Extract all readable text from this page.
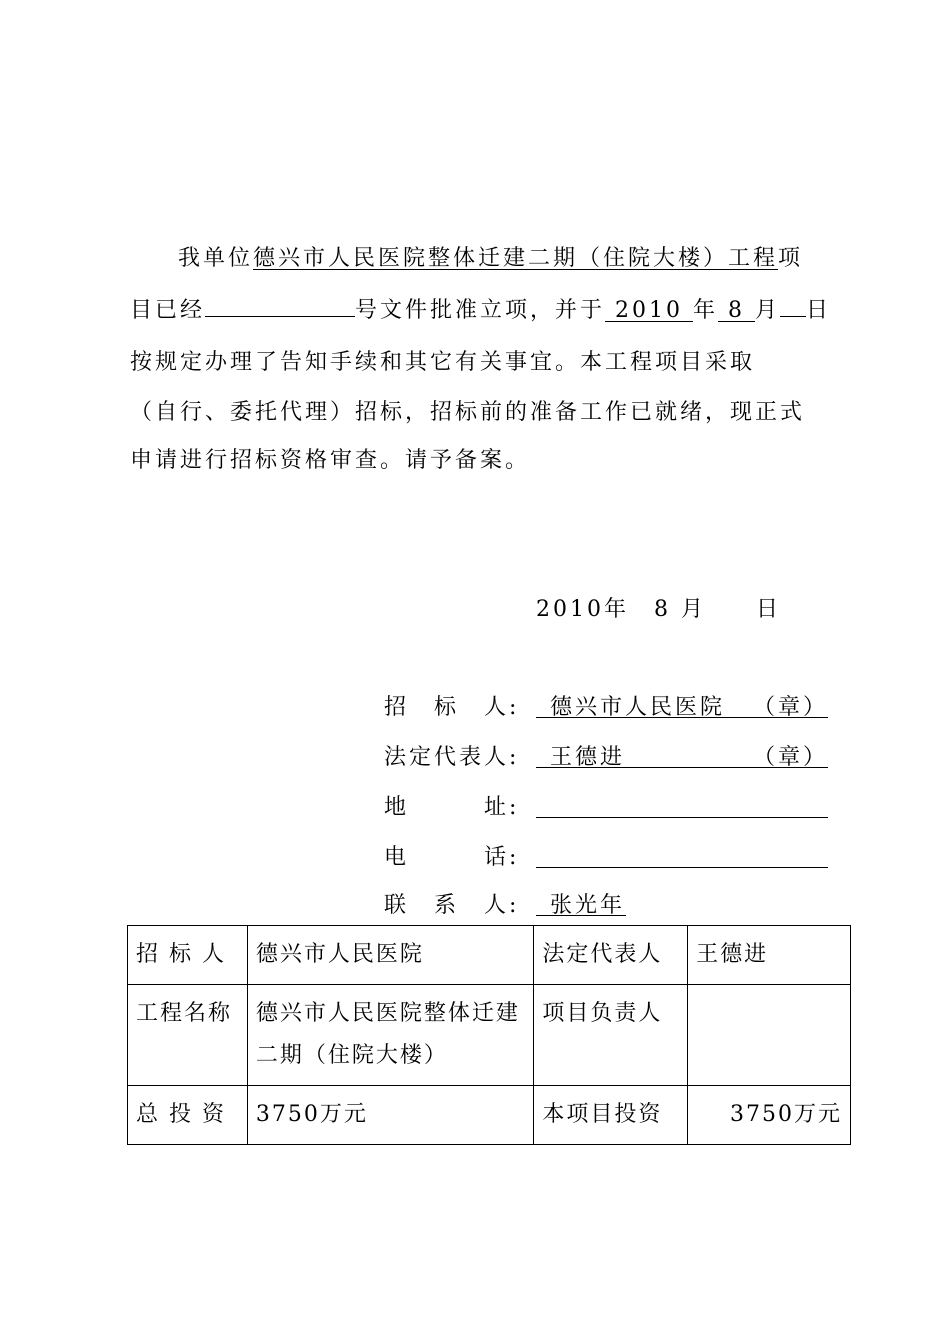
我单位德兴市人民医院整体迁建二期（住院大楼）工程项
目已经	号文件批准立项，并于 2010 年 8 月 日
按规定办理了告知手续和其它有关事宜。本工程项目采取
（自行、委托代理）招标，招标前的准备工作已就绪，现正式
申请进行招标资格审查。请予备案。
2010年　8 月　　日
招　标　人: 德兴市人民医院 （章）
法定代表人: 王德进	（章）
地　　　址:
电　　　话:
联　系　人: 张光年
招 标 人	德兴市人民医院	法定代表人	王德进
工程名称	德兴市人民医院整体迁建二期（住院大楼）	项目负责人	
总 投 资	3750万元	本项目投资	3750万元
